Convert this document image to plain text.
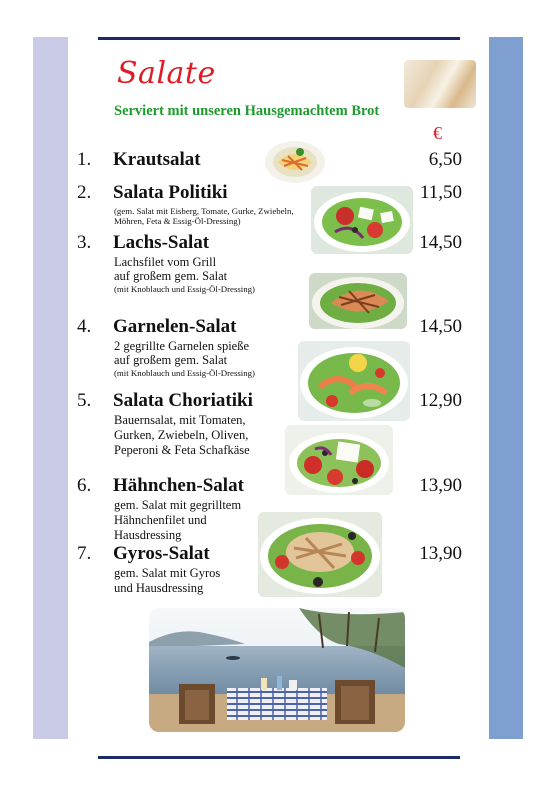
Salate
Serviert mit unseren Hausgemachtem Brot
€
1. Krautsalat	6,50
2. Salata Politiki	11,50
(gem. Salat mit Eisberg, Tomate, Gurke, Zwiebeln,
Möhren, Feta & Essig-Öl-Dressing)
3. Lachs-Salat	14,50
Lachsfilet vom Grill
auf großem gem. Salat
(mit Knoblauch und Essig-Öl-Dressing)
4. Garnelen-Salat	14,50
2 gegrillte Garnelen spieße
auf großem gem. Salat
(mit Knoblauch und Essig-Öl-Dressing)
5. Salata Choriatiki	12,90
Bauernsalat, mit Tomaten,
Gurken, Zwiebeln, Oliven,
Peperoni & Feta Schafkäse
6. Hähnchen-Salat	13,90
gem. Salat mit gegrilltem
Hähnchenfilet und
Hausdressing
7. Gyros-Salat	13,90
gem. Salat mit Gyros
und Hausdressing
